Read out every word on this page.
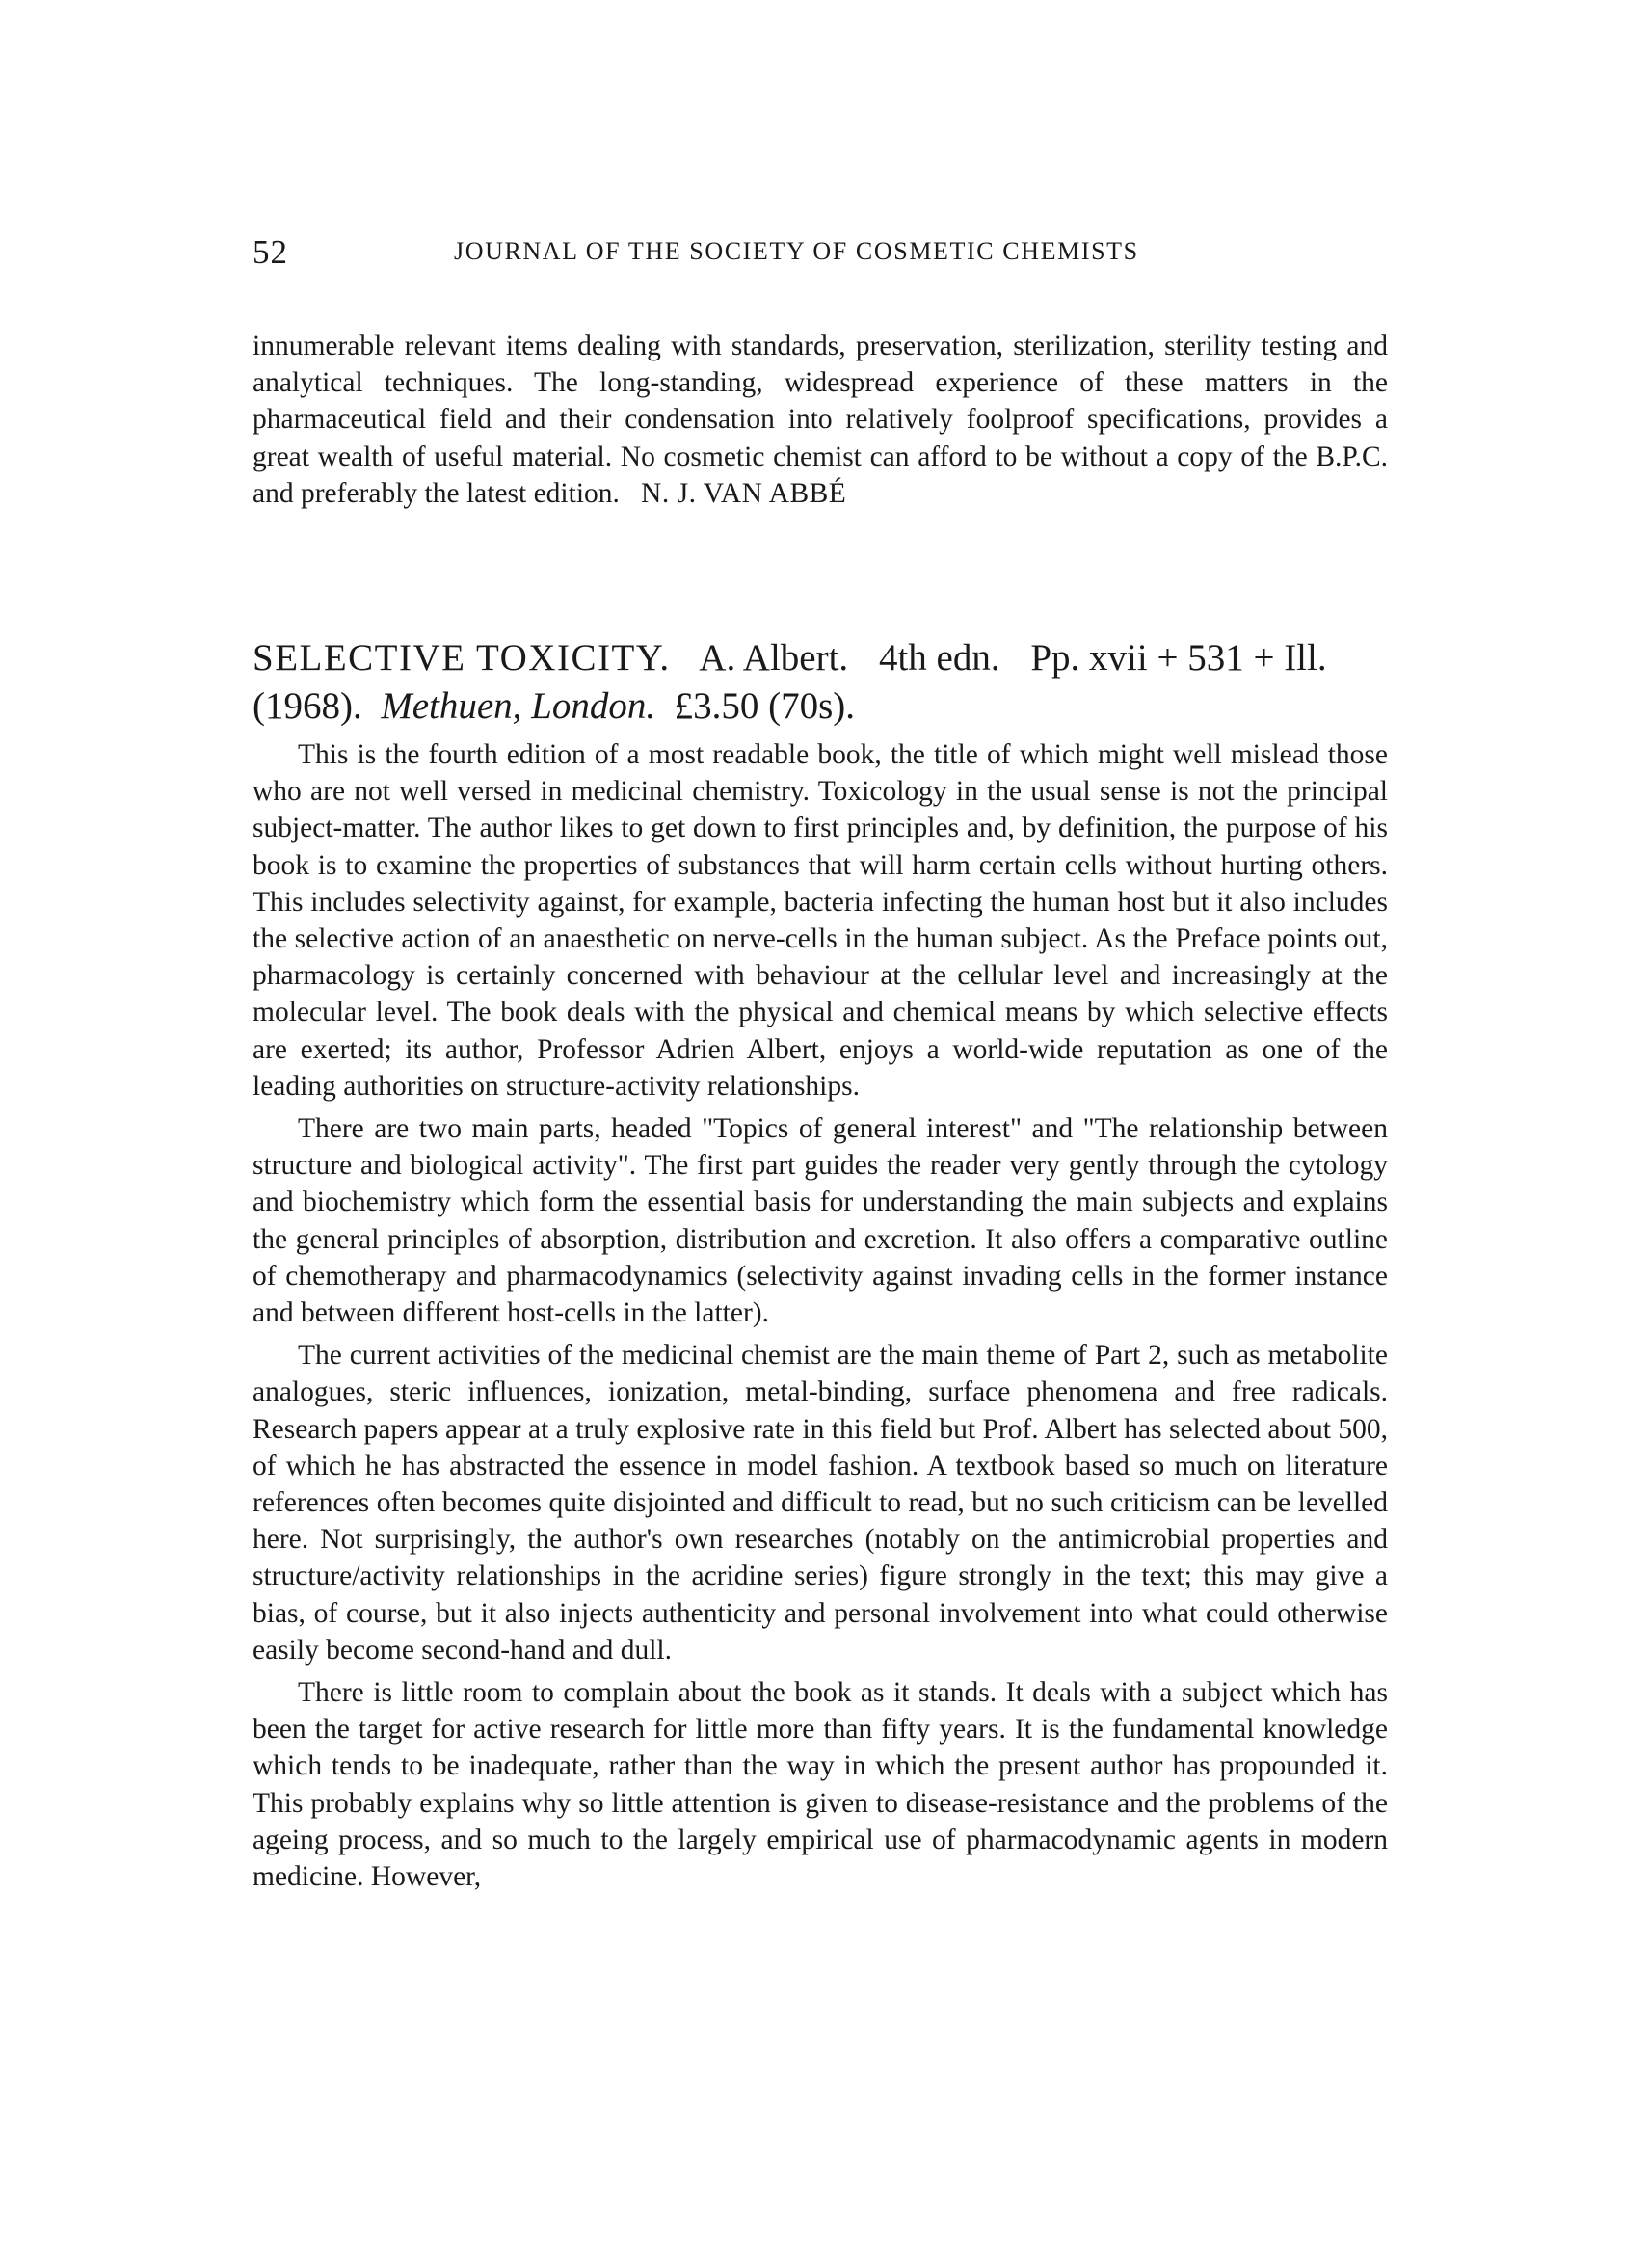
52	JOURNAL OF THE SOCIETY OF COSMETIC CHEMISTS

innumerable relevant items dealing with standards, preservation, sterilization, sterility testing and analytical techniques. The long-standing, widespread experience of these matters in the pharmaceutical field and their condensation into relatively foolproof specifications, provides a great wealth of useful material. No cosmetic chemist can afford to be without a copy of the B.P.C. and preferably the latest edition. N. J. VAN ABBÉ

SELECTIVE TOXICITY. A. Albert. 4th edn. Pp. xvii + 531 + Ill.  (1968). Methuen, London. £3.50 (70s).

This is the fourth edition of a most readable book, the title of which might well mislead those who are not well versed in medicinal chemistry. Toxicology in the usual sense is not the principal subject-matter. The author likes to get down to first principles and, by definition, the purpose of his book is to examine the properties of substances that will harm certain cells without hurting others. This includes selectivity against, for example, bacteria infecting the human host but it also includes the selective action of an anaesthetic on nerve-cells in the human subject. As the Preface points out, pharmacology is certainly concerned with behaviour at the cellular level and increasingly at the molecular level. The book deals with the physical and chemical means by which selective effects are exerted; its author, Professor Adrien Albert, enjoys a world-wide reputation as one of the leading authorities on structure-activity relationships.

There are two main parts, headed "Topics of general interest" and "The relationship between structure and biological activity". The first part guides the reader very gently through the cytology and biochemistry which form the essential basis for understanding the main subjects and explains the general principles of absorption, distribution and excretion. It also offers a comparative outline of chemotherapy and pharmacodynamics (selectivity against invading cells in the former instance and between different host-cells in the latter).

The current activities of the medicinal chemist are the main theme of Part 2, such as metabolite analogues, steric influences, ionization, metal-binding, surface phenomena and free radicals. Research papers appear at a truly explosive rate in this field but Prof. Albert has selected about 500, of which he has abstracted the essence in model fashion. A textbook based so much on literature references often becomes quite disjointed and difficult to read, but no such criticism can be levelled here. Not surprisingly, the author's own researches (notably on the antimicrobial properties and structure/activity relationships in the acridine series) figure strongly in the text; this may give a bias, of course, but it also injects authenticity and personal involvement into what could otherwise easily become second-hand and dull.

There is little room to complain about the book as it stands. It deals with a subject which has been the target for active research for little more than fifty years. It is the fundamental knowledge which tends to be inadequate, rather than the way in which the present author has propounded it. This probably explains why so little attention is given to disease-resistance and the problems of the ageing process, and so much to the largely empirical use of pharmacodynamic agents in modern medicine. However,
